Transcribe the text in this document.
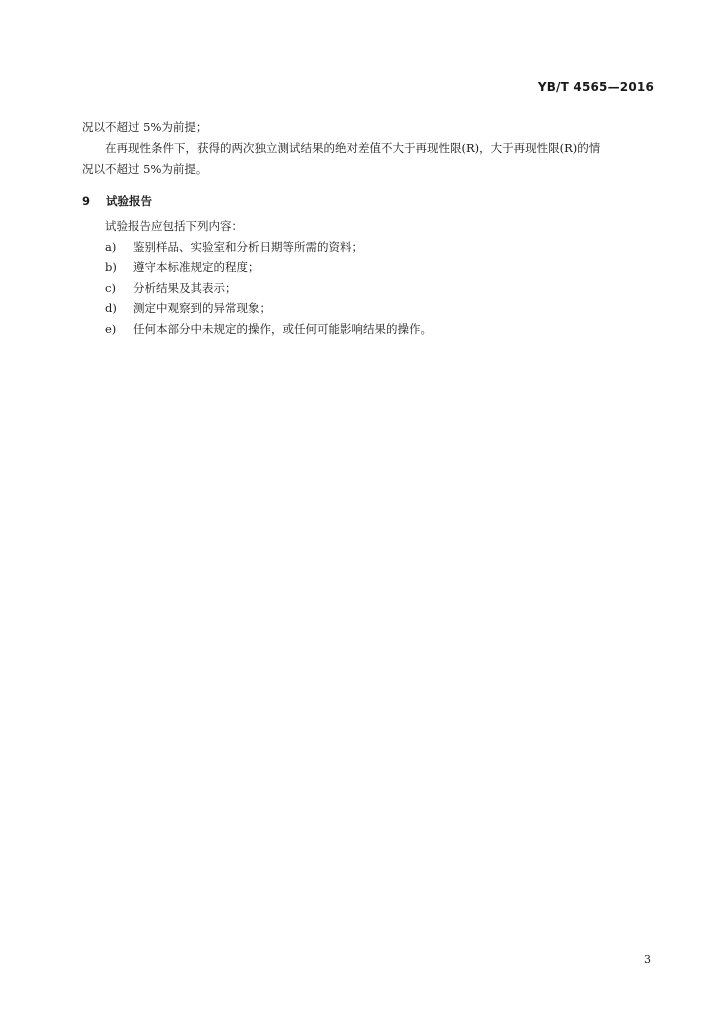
YB/T 4565—2016
况以不超过 5%为前提；
在再现性条件下，获得的两次独立测试结果的绝对差值不大于再现性限(R)，大于再现性限(R)的情
况以不超过 5%为前提。
9 试验报告
试验报告应包括下列内容：
a) 鉴别样品、实验室和分析日期等所需的资料；
b) 遵守本标准规定的程度；
c) 分析结果及其表示；
d) 测定中观察到的异常现象；
e) 任何本部分中未规定的操作，或任何可能影响结果的操作。
3
